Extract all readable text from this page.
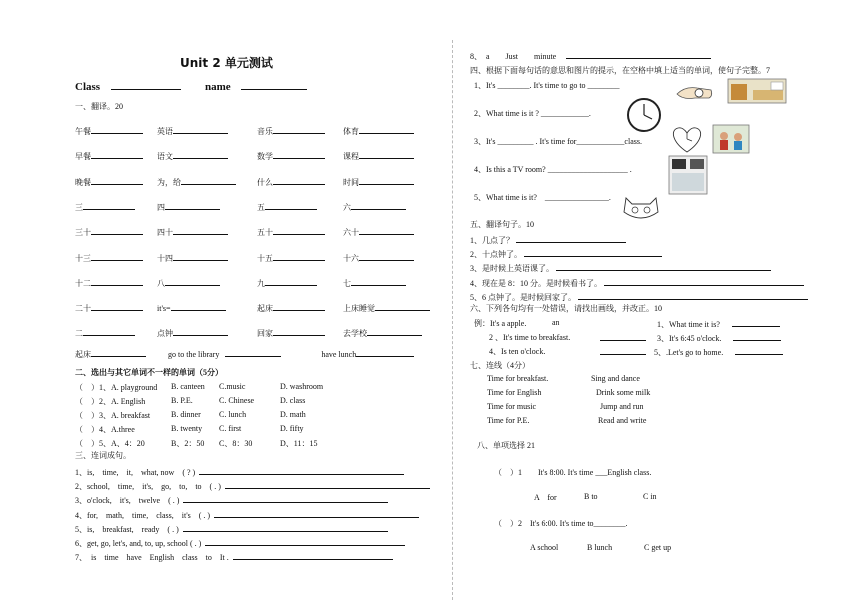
Unit 2 单元测试
Class	name
一、翻译。20
午餐	英语	音乐	体育
早餐	语文	数学	课程
晚餐	为，给	什么	时间
三	四	五	六
三十	四十	五十	六十
十三	十四	十五	十六
十二	八	九	七
二十	it's=	起床	上床睡觉
二	点钟	回家	去学校
起床	go to the library	have lunch
二、选出与其它单词不一样的单词（5分）
（　）1、A. playground B. canteen C.music	D. washroom
（　）2、A. English	B. P.E.	C. Chinese	D. class
（　）3、A. breakfast	B. dinner C. lunch	D. math
（　）4、A.three	B. twenty C. first	D. fifty
（　）5、A、4：20	B、2：50 C、8：30	D、11：15
三、连词成句。
1、is,　time,　it,　what, now　( ? )
2、school,　time,　it's,　go,　to,　to　( . )
3、o'clock,　it's,　twelve　( . )
4、for,　math,　time,　class,　it's　( . )
5、is,　breakfast,　ready　( . )
6、get, go, let's, and, to, up, school ( . )
7、　is　time　have　English　class　to　It .
8、　a　　Just　　minute
四、根据下面每句话的意思和图片的提示，在空格中填上适当的单词，使句子完整。7
1、It's ________. It's time to go to ________
2、What time is it ? ____________.
3、It's _________ . It's time for____________class.
4、Is this a TV room? ____________________ .
5、What time is it?　________________.
五、翻译句子。10
1、几点了？
2、十点钟了。
3、是时候上英语课了。
4、现在是 8：10 分。是时候看书了。
5、6 点钟了。是时候回家了。
六、下列各句均有一处错误，请找出画线，并改正。10
例：It's a apple.	an	1、What time it is?
2 、It's time to breakfast.	3、It's 6:45 o'clock.
4、Is ten o'clock.	5、.Let's go to home.
七、连线（4分）
Time for breakfast.
Time for English
Time for music
Time for P.E.
Sing and dance
Drink some milk
Jump and run
Read and write
八、单项选择 21
（　）1　　It's 8:00. It's time ___English class.
A　for	B to	C in
（　）2　It's 6:00. It's time to________.
A school	B lunch	C get up
